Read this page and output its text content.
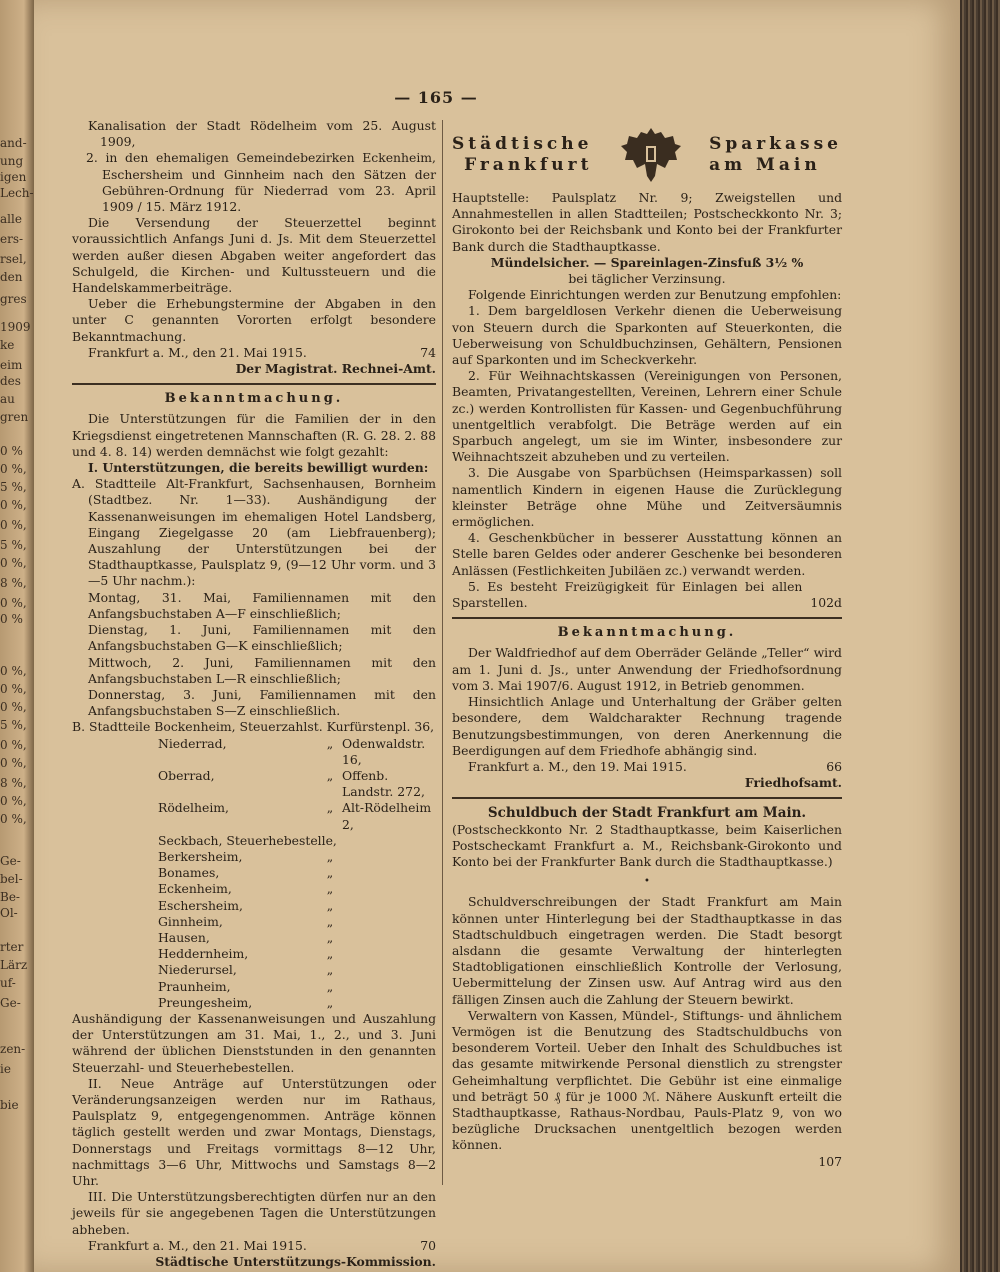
and-
ung
igen
Lech-
alle
ers-
rsel,
den
gres
1909
ke
eim
des
au
gren
0 %
0 %,
5 %,
0 %,
0 %,
5 %,
0 %,
8 %,
0 %,
0 %
0 %,
0 %,
0 %,
5 %,
0 %,
0 %,
8 %,
0 %,
0 %,
Ge-
bel-
Be-
Ol-
rter
Lärz
uf-
Ge-
zen-
ie
bie
— 165 —

Kanalisation der Stadt Rödelheim vom 25. August 1909,

2. in den ehemaligen Gemeindebezirken Eckenheim, Eschersheim und Ginnheim nach den Sätzen der Gebühren-Ordnung für Niederrad vom 23. April 1909 / 15. März 1912.

Die Versendung der Steuerzettel beginnt voraussichtlich Anfangs Juni d. Js. Mit dem Steuerzettel werden außer diesen Abgaben weiter angefordert das Schulgeld, die Kirchen- und Kultussteuern und die Handelskammerbeiträge.

Ueber die Erhebungstermine der Abgaben in den unter C genannten Vororten erfolgt besondere Bekanntmachung.

Frankfurt a. M., den 21. Mai 1915.	74

Der Magistrat. Rechnei-Amt.

Bekanntmachung.

Die Unterstützungen für die Familien der in den Kriegsdienst eingetretenen Mannschaften (R. G. 28. 2. 88 und 4. 8. 14) werden demnächst wie folgt gezahlt:

I. Unterstützungen, die bereits bewilligt wurden:

A. Stadtteile Alt-Frankfurt, Sachsenhausen, Bornheim (Stadtbez. Nr. 1—33). Aushändigung der Kassenanweisungen im ehemaligen Hotel Landsberg, Eingang Ziegelgasse 20 (am Liebfrauenberg); Auszahlung der Unterstützungen bei der Stadthauptkasse, Paulsplatz 9, (9—12 Uhr vorm. und 3—5 Uhr nachm.):

Montag, 31. Mai, Familiennamen mit den Anfangsbuchstaben A—F einschließlich;

Dienstag, 1. Juni, Familiennamen mit den Anfangsbuchstaben G—K einschließlich;

Mittwoch, 2. Juni, Familiennamen mit den Anfangsbuchstaben L—R einschließlich;

Donnerstag, 3. Juni, Familiennamen mit den Anfangsbuchstaben S—Z einschließlich.

B. Stadtteile Bockenheim, Steuerzahlst. Kurfürstenpl. 36,

Niederrad,	„ Odenwaldstr. 16,
Oberrad,	„ Offenb. Landstr. 272,
Rödelheim,	„ Alt-Rödelheim 2,
Seckbach, Steuerhebestelle,
Berkersheim,	„
Bonames,	„
Eckenheim,	„
Eschersheim,	„
Ginnheim,	„
Hausen,	„
Heddernheim,	„
Niederursel,	„
Praunheim,	„
Preungesheim,	„

Aushändigung der Kassenanweisungen und Auszahlung der Unterstützungen am 31. Mai, 1., 2., und 3. Juni während der üblichen Dienststunden in den genannten Steuerzahl- und Steuerhebestellen.

II. Neue Anträge auf Unterstützungen oder Veränderungsanzeigen werden nur im Rathaus, Paulsplatz 9, entgegengenommen. Anträge können täglich gestellt werden und zwar Montags, Dienstags, Donnerstags und Freitags vormittags 8—12 Uhr, nachmittags 3—6 Uhr, Mittwochs und Samstags 8—2 Uhr.

III. Die Unterstützungsberechtigten dürfen nur an den jeweils für sie angegebenen Tagen die Unterstützungen abheben.

Frankfurt a. M., den 21. Mai 1915.	70

Städtische Unterstützungs-Kommission.

Städtische
Frankfurt
Sparkasse
am Main

Hauptstelle: Paulsplatz Nr. 9; Zweigstellen und Annahmestellen in allen Stadtteilen; Postscheckkonto Nr. 3; Girokonto bei der Reichsbank und Konto bei der Frankfurter Bank durch die Stadthauptkasse.

Mündelsicher. — Spareinlagen-Zinsfuß 3½ %

bei täglicher Verzinsung.

Folgende Einrichtungen werden zur Benutzung empfohlen:

1. Dem bargeldlosen Verkehr dienen die Ueberweisung von Steuern durch die Sparkonten auf Steuerkonten, die Ueberweisung von Schuldbuchzinsen, Gehältern, Pensionen auf Sparkonten und im Scheckverkehr.

2. Für Weihnachtskassen (Vereinigungen von Personen, Beamten, Privatangestellten, Vereinen, Lehrern einer Schule zc.) werden Kontrollisten für Kassen- und Gegenbuchführung unentgeltlich verabfolgt. Die Beträge werden auf ein Sparbuch angelegt, um sie im Winter, insbesondere zur Weihnachtszeit abzuheben und zu verteilen.

3. Die Ausgabe von Sparbüchsen (Heimsparkassen) soll namentlich Kindern in eigenen Hause die Zurücklegung kleinster Beträge ohne Mühe und Zeitversäumnis ermöglichen.

4. Geschenkbücher in besserer Ausstattung können an Stelle baren Geldes oder anderer Geschenke bei besonderen Anlässen (Festlichkeiten Jubiläen zc.) verwandt werden.

5. Es besteht Freizügigkeit für Einlagen bei allen Sparstellen.	102d
Bekanntmachung.

Der Waldfriedhof auf dem Oberräder Gelände „Teller“ wird am 1. Juni d. Js., unter Anwendung der Friedhofsordnung vom 3. Mai 1907/6. August 1912, in Betrieb genommen.

Hinsichtlich Anlage und Unterhaltung der Gräber gelten besondere, dem Waldcharakter Rechnung tragende Benutzungsbestimmungen, von deren Anerkennung die Beerdigungen auf dem Friedhofe abhängig sind.

Frankfurt a. M., den 19. Mai 1915.	66

Friedhofsamt.

Schuldbuch der Stadt Frankfurt am Main.

(Postscheckkonto Nr. 2 Stadthauptkasse, beim Kaiserlichen Postscheckamt Frankfurt a. M., Reichsbank-Girokonto und Konto bei der Frankfurter Bank durch die Stadthauptkasse.)

•

Schuldverschreibungen der Stadt Frankfurt am Main können unter Hinterlegung bei der Stadthauptkasse in das Stadtschuldbuch eingetragen werden. Die Stadt besorgt alsdann die gesamte Verwaltung der hinterlegten Stadtobligationen einschließlich Kontrolle der Verlosung, Uebermittelung der Zinsen usw. Auf Antrag wird aus den fälligen Zinsen auch die Zahlung der Steuern bewirkt.

Verwaltern von Kassen, Mündel-, Stiftungs- und ähnlichem Vermögen ist die Benutzung des Stadtschuldbuchs von besonderem Vorteil. Ueber den Inhalt des Schuldbuches ist das gesamte mitwirkende Personal dienstlich zu strengster Geheimhaltung verpflichtet. Die Gebühr ist eine einmalige und beträgt 50 ₰ für je 1000 ℳ. Nähere Auskunft erteilt die Stadthauptkasse, Rathaus-Nordbau, Pauls-Platz 9, von wo bezügliche Drucksachen unentgeltlich bezogen werden können.

107
